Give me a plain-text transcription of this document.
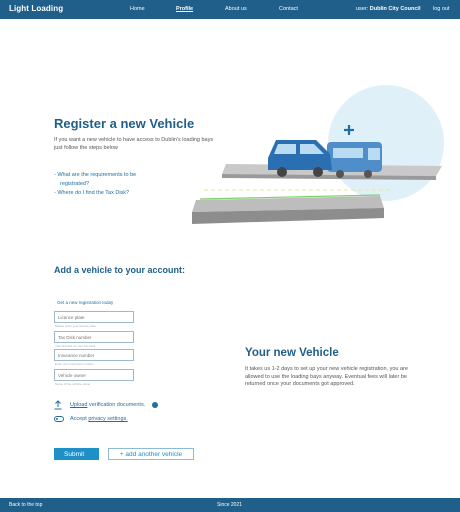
Light Loading	Home	Profile	About us	Contact	user: Dublin City Council log out
Register a new Vehicle
If you want a new vehicle to have access to Dublin's loading bays just follow the steps below
- What are the requirements to be
registrated?
- Where do I find the Tax Disk?
Add a vehicle to your account:
Get a new registration today
Licence plate
Please enter your licence plate
Tax Disk number
Your find this on your Tax Disk
Insurance number
Enter your insurance number
Vehicle owner
Name of the vehicle owner
Upload
verification documents.
Accept
privacy settings.
Submit	+ add another vehicle
Your new Vehicle
It takes us 1-2 days to set up your new vehicle registration, you are allowed to use the loading bays anyway. Eventual fees will later be returned once your documents got approved.
Back to the top	Since 2021
